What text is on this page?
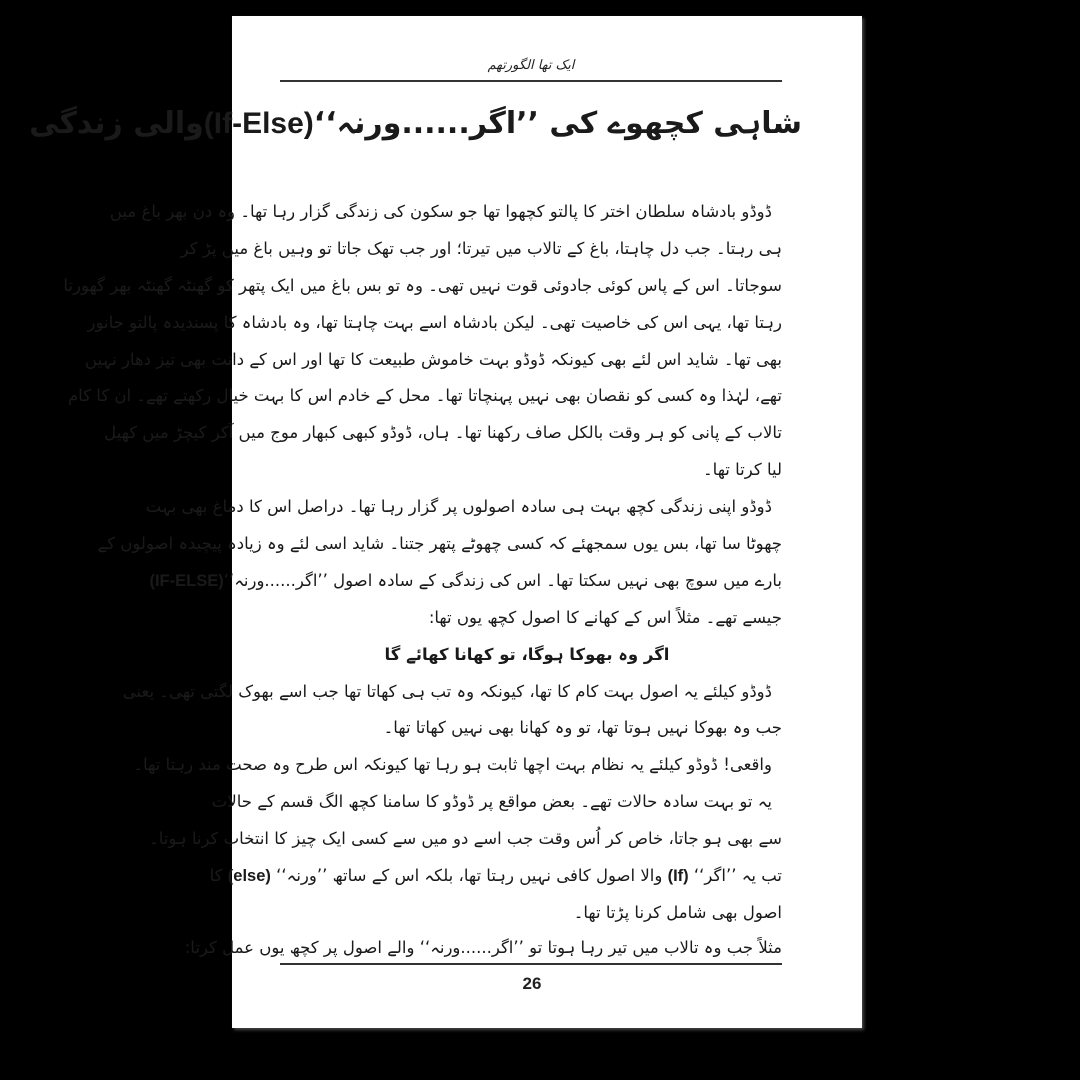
ایک تھا الگورتھم
شاہی کچھوے کی ’’اگر......ورنہ‘‘(If-Else)والی زندگی
ڈوڈو بادشاہ سلطان اختر کا پالتو کچھوا تھا جو سکون کی زندگی گزار رہا تھا۔ وہ دن بھر باغ میں
ہی رہتا۔ جب دل چاہتا، باغ کے تالاب میں تیرتا؛ اور جب تھک جاتا تو وہیں باغ میں پڑ کر
سوجاتا۔ اس کے پاس کوئی جادوئی قوت نہیں تھی۔ وہ تو بس باغ میں ایک پتھر کو گھنٹہ گھنٹہ بھر گھورتا
رہتا تھا، یہی اس کی خاصیت تھی۔ لیکن بادشاہ اسے بہت چاہتا تھا، وہ بادشاہ کا پسندیدہ پالتو جانور
بھی تھا۔ شاید اس لئے بھی کیونکہ ڈوڈو بہت خاموش طبیعت کا تھا اور اس کے دانت بھی تیز دھار نہیں
تھے، لہٰذا وہ کسی کو نقصان بھی نہیں پہنچاتا تھا۔ محل کے خادم اس کا بہت خیال رکھتے تھے۔ ان کا کام
تالاب کے پانی کو ہر وقت بالکل صاف رکھنا تھا۔ ہاں، ڈوڈو کبھی کبھار موج میں آکر کیچڑ میں کھیل
لیا کرتا تھا۔
ڈوڈو اپنی زندگی کچھ بہت ہی سادہ اصولوں پر گزار رہا تھا۔ دراصل اس کا دماغ بھی بہت
چھوٹا سا تھا، بس یوں سمجھئے کہ کسی چھوٹے پتھر جتنا۔ شاید اسی لئے وہ زیادہ پیچیدہ اصولوں کے
بارے میں سوچ بھی نہیں سکتا تھا۔ اس کی زندگی کے سادہ اصول ’’اگر......ورنہ‘‘(IF-ELSE)
جیسے تھے۔ مثلاً اس کے کھانے کا اصول کچھ یوں تھا:
اگر وہ بھوکا ہوگا، تو کھانا کھائے گا
ڈوڈو کیلئے یہ اصول بہت کام کا تھا، کیونکہ وہ تب ہی کھاتا تھا جب اسے بھوک لگتی تھی۔ یعنی
جب وہ بھوکا نہیں ہوتا تھا، تو وہ کھانا بھی نہیں کھاتا تھا۔
واقعی! ڈوڈو کیلئے یہ نظام بہت اچھا ثابت ہو رہا تھا کیونکہ اس طرح وہ صحت مند رہتا تھا۔
یہ تو بہت سادہ حالات تھے۔ بعض مواقع پر ڈوڈو کا سامنا کچھ الگ قسم کے حالات
سے بھی ہو جاتا، خاص کر اُس وقت جب اسے دو میں سے کسی ایک چیز کا انتخاب کرنا ہوتا۔
تب یہ ’’اگر‘‘ (If) والا اصول کافی نہیں رہتا تھا، بلکہ اس کے ساتھ ’’ورنہ‘‘ (else) کا
اصول بھی شامل کرنا پڑتا تھا۔
مثلاً جب وہ تالاب میں تیر رہا ہوتا تو ’’اگر......ورنہ‘‘ والے اصول پر کچھ یوں عمل کرتا:
26
